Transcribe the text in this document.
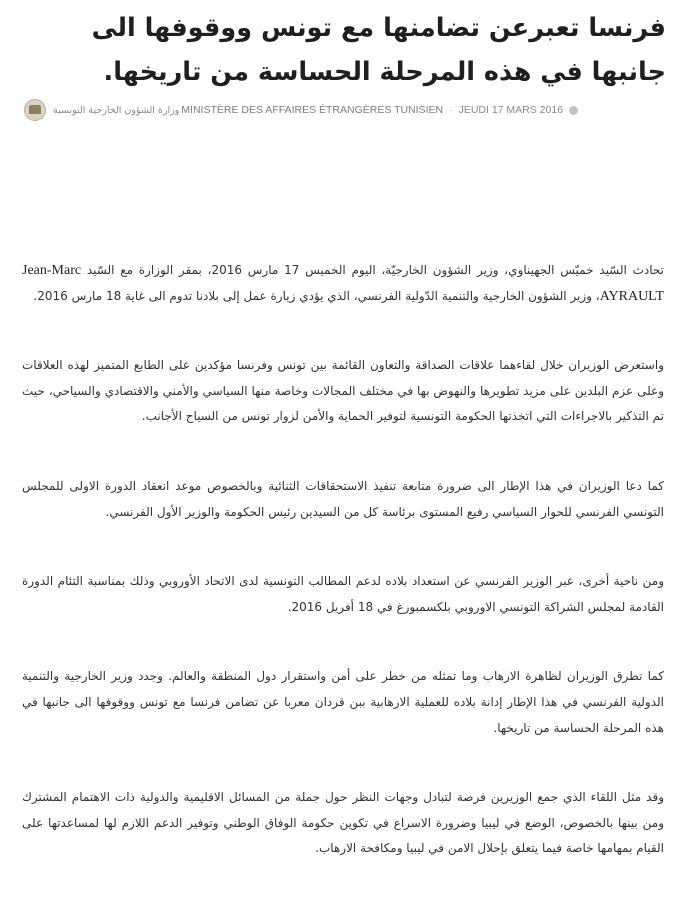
فرنسا تعبرعن تضامنها مع تونس ووقوفها الى جانبها في هذه المرحلة الحساسة من تاريخها.
وزارة الشؤون الخارجية التونسية MINISTÈRE DES AFFAIRES ÉTRANGÈRES TUNISIEN · JEUDI 17 MARS 2016

تحادث السّيد خميّس الجهيناوي، وزير الشؤون الخارجيّة، اليوم الخميس 17 مارس 2016، بمقر الوزارة مع السّيد Jean-Marc AYRAULT، وزير الشؤون الخارجية والتنمية الدّولية الفرنسي، الذي يؤدي زيارة عمل إلى بلادنا تدوم الى غاية 18 مارس 2016.

واستعرض الوزيران خلال لقاءهما علاقات الصداقة والتعاون القائمة بين تونس وفرنسا مؤكدين على الطابع المتميز لهذه العلاقات وعلى عزم البلدين على مزيد تطويرها والنهوض بها في مختلف المجالات وخاصة منها السياسي والأمني والاقتصادي والسياحي، حيث تم التذكير بالاجراءات التي اتخذتها الحكومة التونسية لتوفير الحماية والأمن لزوار تونس من السياح الأجانب.

كما دعا الوزيران في هذا الإطار الى ضرورة متابعة تنفيذ الاستحقاقات الثنائية وبالخصوص موعد انعقاد الدورة الاولى للمجلس التونسي الفرنسي للحوار السياسي رفيع المستوى برئاسة كل من السيدين رئيس الحكومة والوزير الأول الفرنسي.

ومن ناحية أخرى، عبر الوزير الفرنسي عن استعداد بلاده لدعم المطالب التونسية لدى الاتحاد الأوروبي وذلك بمناسبة التئام الدورة القادمة لمجلس الشراكة التونسي الاوروبي بلكسمبورغ في 18 أفريل 2016.

كما تطرق الوزيران لظاهرة الارهاب وما تمثله من خطر على أمن واستقرار دول المنطقة والعالم. وجدد وزير الخارجية والتنمية الدولية الفرنسي في هذا الإطار إدانة بلاده للعملية الارهابية ببن قردان معربا عن تضامن فرنسا مع تونس ووقوفها الى جانبها في هذه المرحلة الحساسة من تاريخها.

وقد مثل اللقاء الذي جمع الوزيرين فرصة لتبادل وجهات النظر حول جملة من المسائل الاقليمية والدولية ذات الاهتمام المشترك ومن بينها بالخصوص، الوضع في ليبيا وضرورة الاسراع في تكوين حكومة الوفاق الوطني وتوفير الدعم اللازم لها لمساعدتها على القيام بمهامها خاصة فيما يتعلق بإحلال الامن في ليبيا ومكافحة الارهاب.
